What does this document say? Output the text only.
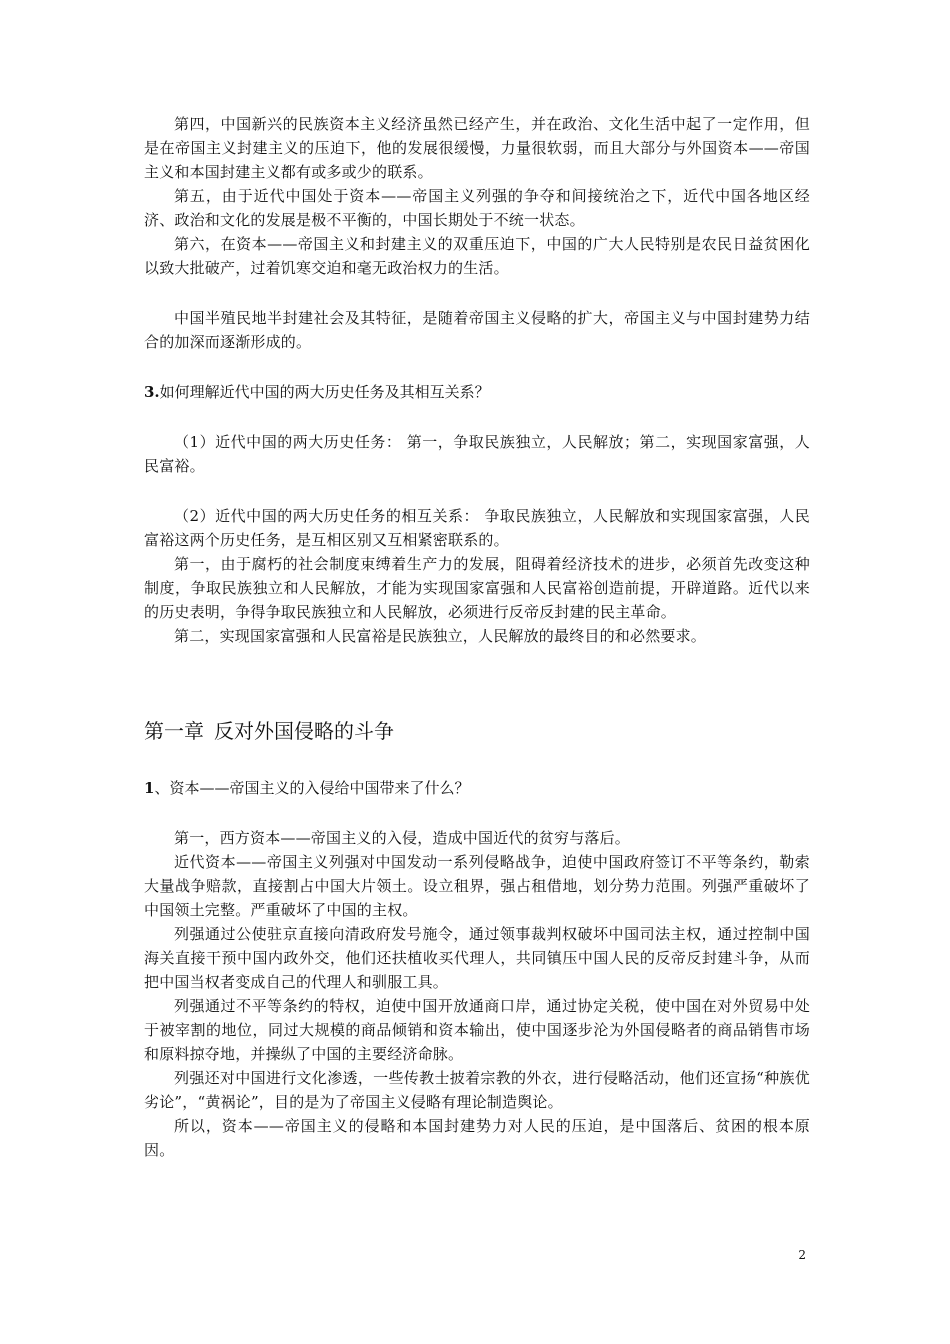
第四，中国新兴的民族资本主义经济虽然已经产生，并在政治、文化生活中起了一定作用，但是在帝国主义封建主义的压迫下，他的发展很缓慢，力量很软弱，而且大部分与外国资本——帝国主义和本国封建主义都有或多或少的联系。

第五，由于近代中国处于资本——帝国主义列强的争夺和间接统治之下，近代中国各地区经济、政治和文化的发展是极不平衡的，中国长期处于不统一状态。

第六，在资本——帝国主义和封建主义的双重压迫下，中国的广大人民特别是农民日益贫困化以致大批破产，过着饥寒交迫和毫无政治权力的生活。

中国半殖民地半封建社会及其特征，是随着帝国主义侵略的扩大，帝国主义与中国封建势力结合的加深而逐渐形成的。

3.如何理解近代中国的两大历史任务及其相互关系？

（1）近代中国的两大历史任务： 第一，争取民族独立，人民解放；第二，实现国家富强，人民富裕。

（2）近代中国的两大历史任务的相互关系： 争取民族独立，人民解放和实现国家富强，人民富裕这两个历史任务，是互相区别又互相紧密联系的。

第一，由于腐朽的社会制度束缚着生产力的发展，阻碍着经济技术的进步，必须首先改变这种制度，争取民族独立和人民解放，才能为实现国家富强和人民富裕创造前提，开辟道路。近代以来的历史表明，争得争取民族独立和人民解放，必须进行反帝反封建的民主革命。

第二，实现国家富强和人民富裕是民族独立，人民解放的最终目的和必然要求。

第一章 反对外国侵略的斗争

1、资本——帝国主义的入侵给中国带来了什么？

第一，西方资本——帝国主义的入侵，造成中国近代的贫穷与落后。

近代资本——帝国主义列强对中国发动一系列侵略战争，迫使中国政府签订不平等条约，勒索大量战争赔款，直接割占中国大片领土。设立租界，强占租借地，划分势力范围。列强严重破坏了中国领土完整。严重破坏了中国的主权。

列强通过公使驻京直接向清政府发号施令，通过领事裁判权破坏中国司法主权，通过控制中国海关直接干预中国内政外交，他们还扶植收买代理人，共同镇压中国人民的反帝反封建斗争，从而把中国当权者变成自己的代理人和驯服工具。

列强通过不平等条约的特权，迫使中国开放通商口岸，通过协定关税，使中国在对外贸易中处于被宰割的地位，同过大规模的商品倾销和资本输出，使中国逐步沦为外国侵略者的商品销售市场和原料掠夺地，并操纵了中国的主要经济命脉。

列强还对中国进行文化渗透，一些传教士披着宗教的外衣，进行侵略活动，他们还宣扬“种族优劣论”，“黄祸论”，目的是为了帝国主义侵略有理论制造舆论。

所以，资本——帝国主义的侵略和本国封建势力对人民的压迫，是中国落后、贫困的根本原因。

2
